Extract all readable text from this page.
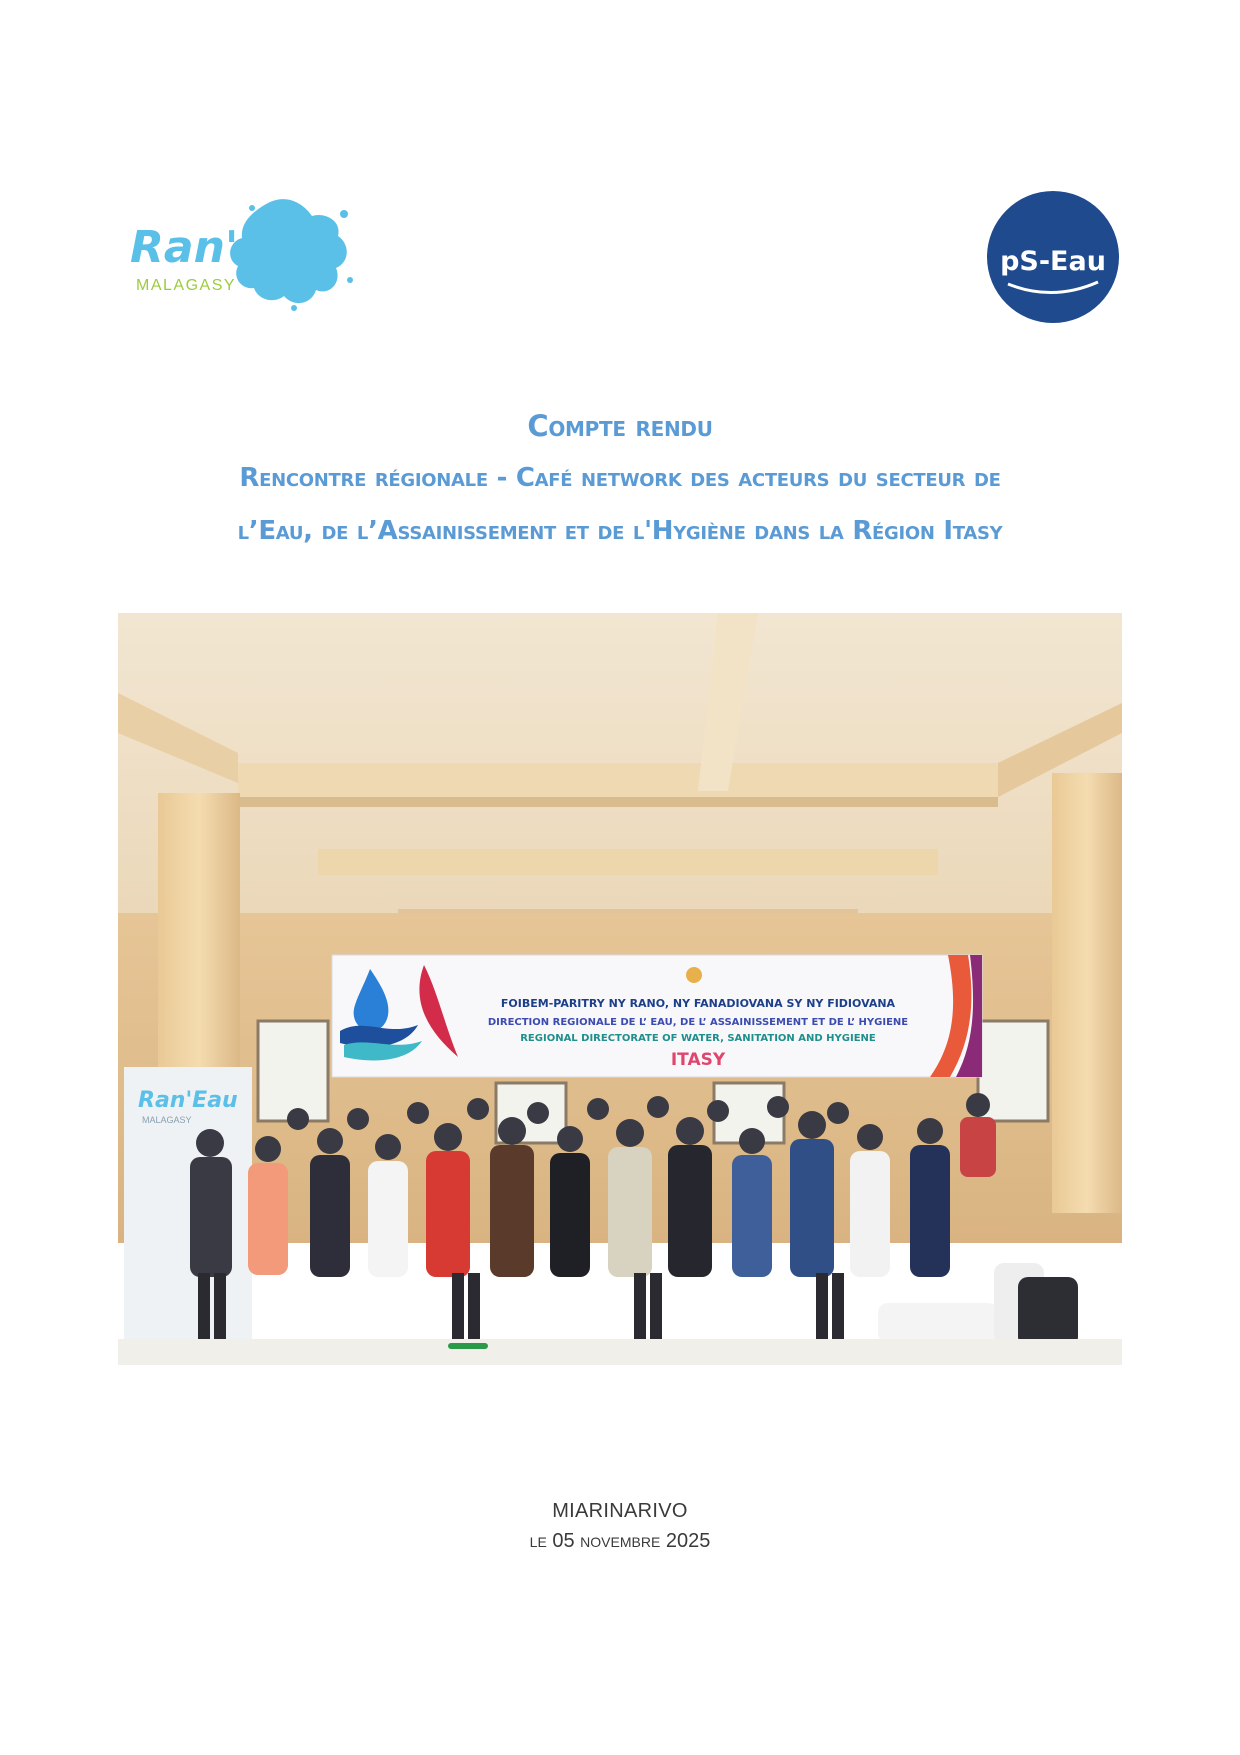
Ran'Eau
MALAGASY
pS-Eau

Compte rendu

Rencontre régionale - Café network des acteurs du secteur de

l’Eau, de l’Assainissement et de l'Hygiène dans la Région Itasy

Ran'Eau
MALAGASY
FOIBEM-PARITRY NY RANO, NY FANADIOVANA SY NY FIDIOVANA
DIRECTION REGIONALE DE L’ EAU, DE L’ ASSAINISSEMENT ET DE L’ HYGIENE
REGIONAL DIRECTORATE OF WATER, SANITATION AND HYGIENE
ITASY
MIARINARIVO
le 05 novembre 2025
